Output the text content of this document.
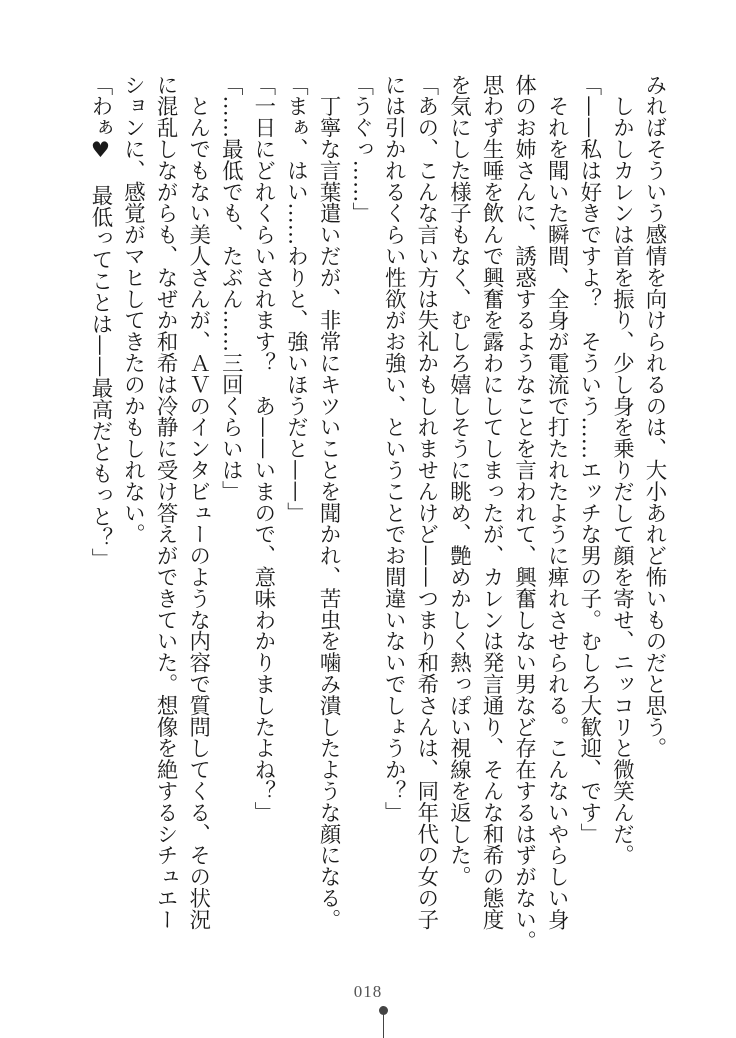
みればそういう感情を向けられるのは、大小あれど怖いものだと思う。
　しかしカレンは首を振り、少し身を乗りだして顔を寄せ、ニッコリと微笑んだ。
「——私は好きですよ？　そういう……エッチな男の子。むしろ大歓迎、です」
　それを聞いた瞬間、全身が電流で打たれたように痺れさせられる。こんないやらしい身
体のお姉さんに、誘惑するようなことを言われて、興奮しない男など存在するはずがない。
思わず生唾を飲んで興奮を露わにしてしまったが、カレンは発言通り、そんな和希の態度
を気にした様子もなく、むしろ嬉しそうに眺め、艶めかしく熱っぽい視線を返した。
「あの、こんな言い方は失礼かもしれませんけど——つまり和希さんは、同年代の女の子
には引かれるくらい性欲がお強い、ということでお間違いないでしょうか？」
「うぐっ……」
　丁寧な言葉遣いだが、非常にキツいことを聞かれ、苦虫を噛み潰したような顔になる。
「まぁ、はい……わりと、強いほうだと——」
「一日にどれくらいされます？　あ——いまので、意味わかりましたよね？」
「……最低でも、たぶん……三回くらいは」
　とんでもない美人さんが、ＡＶのインタビューのような内容で質問してくる、その状況
に混乱しながらも、なぜか和希は冷静に受け答えができていた。想像を絶するシチュエー
ションに、感覚がマヒしてきたのかもしれない。
「わぁ♥　最低ってことは——最高だともっと？」
018
